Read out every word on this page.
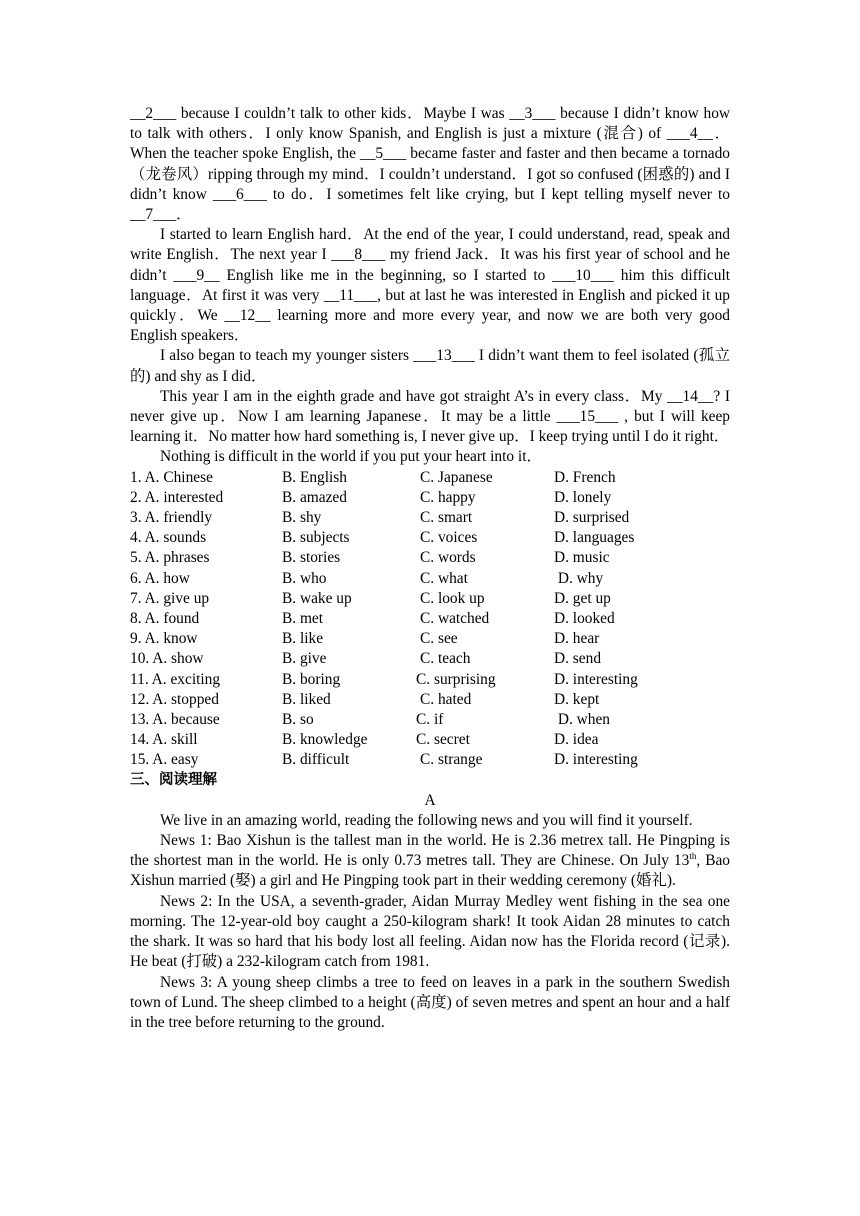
__2___ because I couldn’t talk to other kids．Maybe I was __3___ because I didn’t know how to talk with others．I only know Spanish, and English is just a mixture (混合) of ___4__．When the teacher spoke English, the __5___ became faster and faster and then became a tornado（龙卷风）ripping through my mind．I couldn’t understand．I got so confused (困惑的) and I didn’t know ___6___ to do．I sometimes felt like crying, but I kept telling myself never to __7___．

I started to learn English hard．At the end of the year, I could understand, read, speak and write English．The next year I ___8___ my friend Jack．It was his first year of school and he didn’t ___9__ English like me in the beginning, so I started to ___10___ him this difficult language．At first it was very __11___, but at last he was interested in English and picked it up quickly．We __12__ learning more and more every year, and now we are both very good English speakers．

I also began to teach my younger sisters ___13___ I didn’t want them to feel isolated (孤立的) and shy as I did．

This year I am in the eighth grade and have got straight A’s in every class．My __14__? I never give up．Now I am learning Japanese．It may be a little ___15___ , but I will keep learning it．No matter how hard something is, I never give up．I keep trying until I do it right．

Nothing is difficult in the world if you put your heart into it．

1. A. Chinese	B. English	C. Japanese	D. French
2. A. interested	B. amazed	C. happy	D. lonely
3. A. friendly	B. shy	C. smart	D. surprised
4. A. sounds	B. subjects	C. voices	D. languages
5. A. phrases	B. stories	C. words	D. music
6. A. how	B. who	C. what	D. why
7. A. give up	B. wake up	C. look up	D. get up
8. A. found	B. met	C. watched	D. looked
9. A. know	B. like	C. see	D. hear
10. A. show	B. give	C. teach	D. send
11. A. exciting	B. boring	C. surprising	D. interesting
12. A. stopped	B. liked	C. hated	D. kept
13. A. because	B. so	C. if	D. when
14. A. skill	B. knowledge	C. secret	D. idea
15. A. easy	B. difficult	C. strange	D. interesting

三、阅读理解

A

We live in an amazing world, reading the following news and you will find it yourself.

News 1: Bao Xishun is the tallest man in the world. He is 2.36 metrex tall. He Pingping is the shortest man in the world. He is only 0.73 metres tall. They are Chinese. On July 13th, Bao Xishun married (娶) a girl and He Pingping took part in their wedding ceremony (婚礼).

News 2: In the USA, a seventh-grader, Aidan Murray Medley went fishing in the sea one morning. The 12-year-old boy caught a 250-kilogram shark! It took Aidan 28 minutes to catch the shark. It was so hard that his body lost all feeling. Aidan now has the Florida record (记录). He beat (打破) a 232-kilogram catch from 1981.

News 3: A young sheep climbs a tree to feed on leaves in a park in the southern Swedish town of Lund. The sheep climbed to a height (高度) of seven metres and spent an hour and a half in the tree before returning to the ground.
